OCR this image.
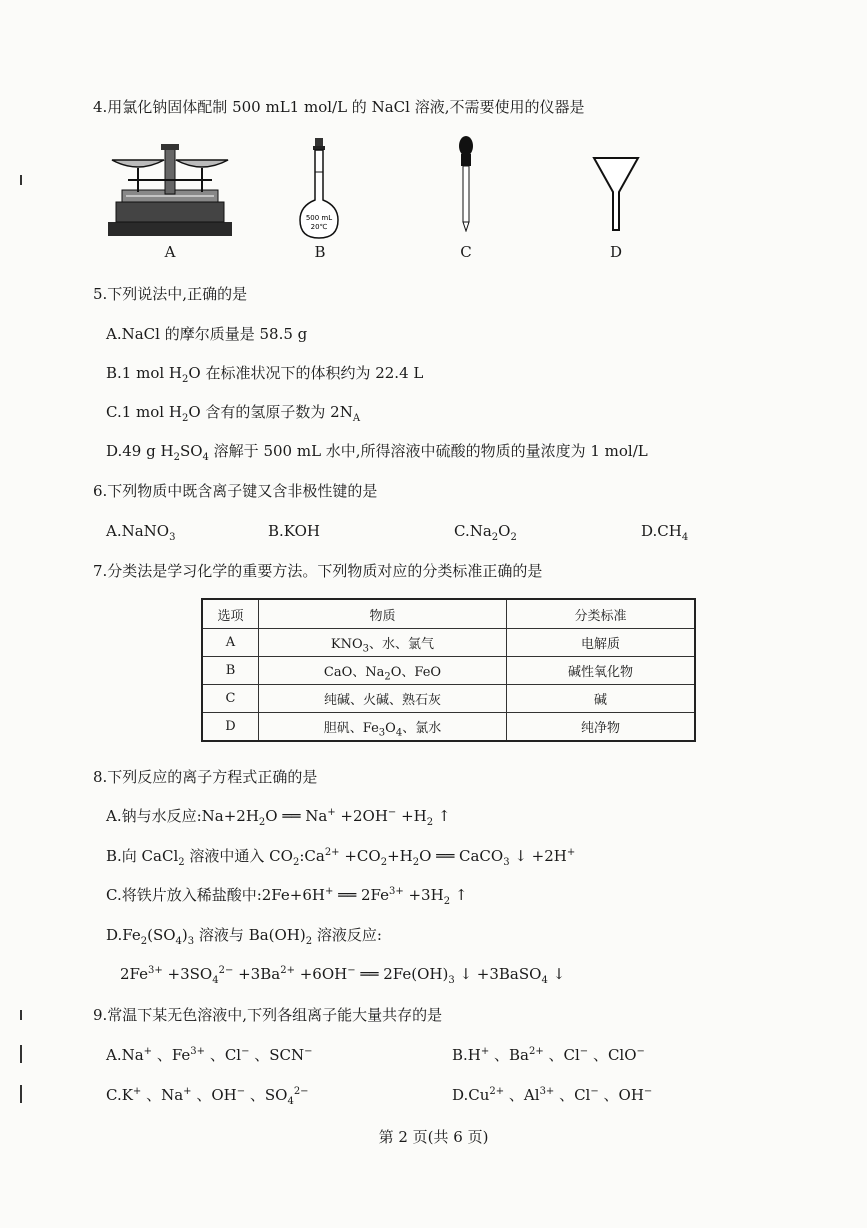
4.用氯化钠固体配制 500 mL1 mol/L 的 NaCl 溶液,不需要使用的仪器是
A
500 mL
20℃
B	C	D
5.下列说法中,正确的是
A.NaCl 的摩尔质量是 58.5 g
B.1 mol $H_2O$ 在标准状况下的体积约为 22.4 L
C.1 mol $H_2O$ 含有的氢原子数为 $2N_A$
D.49 g $H_2SO_4$ 溶解于 500 mL 水中,所得溶液中硫酸的物质的量浓度为 1 mol/L
6.下列物质中既含离子键又含非极性键的是
A.NaNO$_3$	B.KOH	$C.Na_2O_2$	$D.CH_4$
7.分类法是学习化学的重要方法。下列物质对应的分类标准正确的是
选项	物质	分类标准
A	$KNO_3$、水、氯气	电解质
B	CaO、$Na_2O$、FeO	碱性氧化物
C	纯碱、火碱、熟石灰	碱
D	胆矾、$Fe_3O_4$、氯水	纯净物
8.下列反应的离子方程式正确的是
A.钠与水反应$:Na+2H_2O$ ══ $Na^+ +2OH^- +H_2$ ↑
B.向 CaCl$_2$ 溶液中通入 $CO_2:Ca^{2+} +CO_2+H_2O$ ══ CaCO$_3$ ↓ +2H+
C.将铁片放入稀盐酸中:2Fe+6H+ ══ $2Fe^{3+} +3H_2$ ↑
$D.Fe_2(SO_4)_3$ 溶液与 $Ba(OH)_2$ 溶液反应:
$2Fe^{3+} +3SO_4^{2-} +3Ba^{2+} +6OH^-$ ══ $2Fe(OH)_3$ ↓ +3BaSO$_4$ ↓
9.常温下某无色溶液中,下列各组离子能大量共存的是
A.Na+ 、$Fe^{3+}$ 、Cl− 、SCN−	B.H+ 、$Ba^{2+}$ 、Cl− 、ClO−
C.K+ 、Na+ 、OH− 、$SO_4^{2-}$	$D.Cu^{2+}$ 、$Al^{3+}$ 、Cl− 、OH−
第 2 页(共 6 页)
